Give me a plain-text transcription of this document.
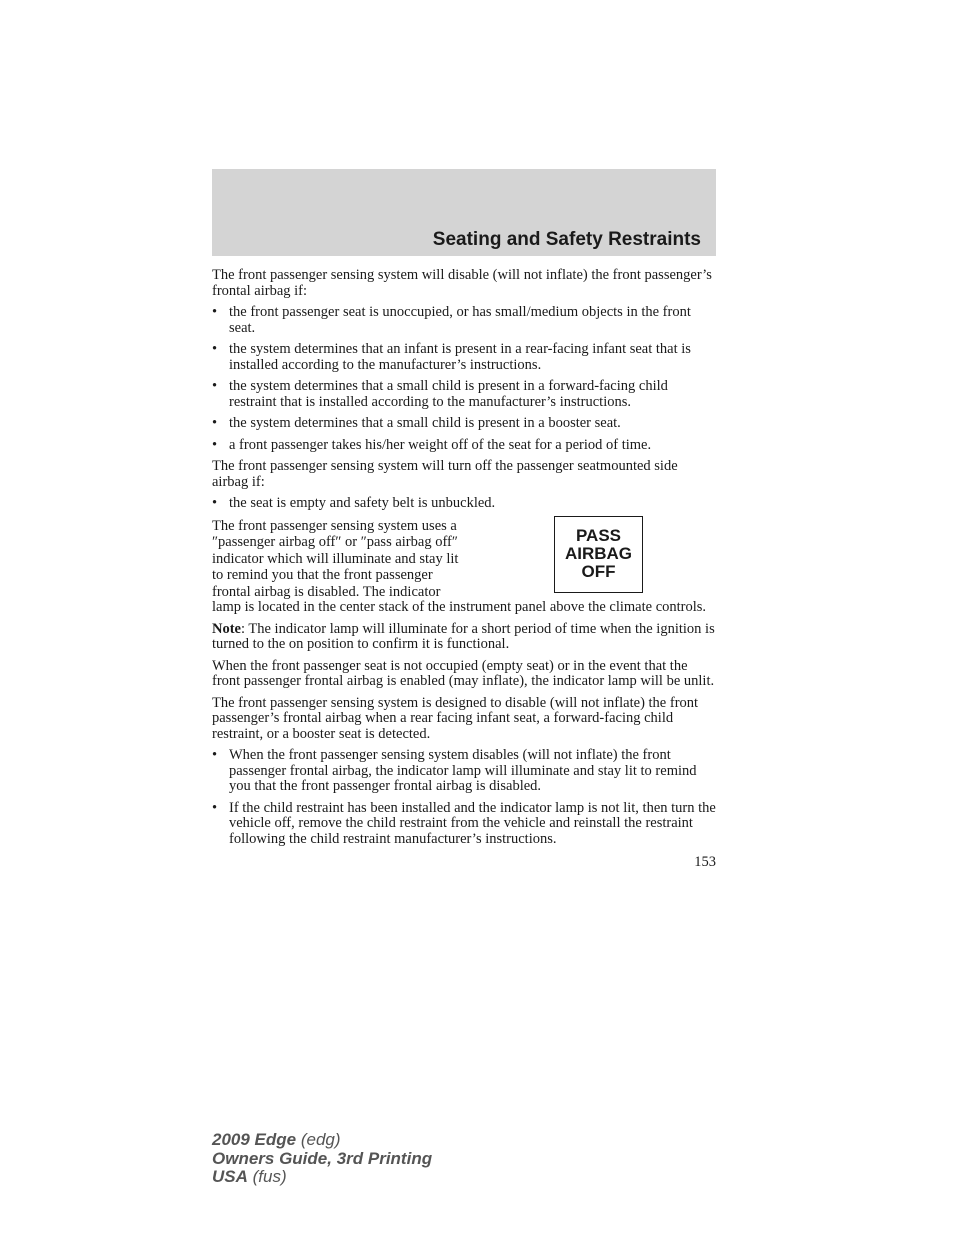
Seating and Safety Restraints

The front passenger sensing system will disable (will not inflate) the front passenger’s frontal airbag if:

• the front passenger seat is unoccupied, or has small/medium objects in the front seat.
• the system determines that an infant is present in a rear-facing infant seat that is installed according to the manufacturer’s instructions.
• the system determines that a small child is present in a forward-facing child restraint that is installed according to the manufacturer’s instructions.
• the system determines that a small child is present in a booster seat.
• a front passenger takes his/her weight off of the seat for a period of time.

The front passenger sensing system will turn off the passenger seatmounted side airbag if:

• the seat is empty and safety belt is unbuckled.
The front passenger sensing system uses a ″passenger airbag off″ or ″pass airbag off″ indicator which will illuminate and stay lit to remind you that the front passenger frontal airbag is disabled. The indicator
PASS
AIRBAG
OFF

lamp is located in the center stack of the instrument panel above the climate controls.

Note: The indicator lamp will illuminate for a short period of time when the ignition is turned to the on position to confirm it is functional.

When the front passenger seat is not occupied (empty seat) or in the event that the front passenger frontal airbag is enabled (may inflate), the indicator lamp will be unlit.

The front passenger sensing system is designed to disable (will not inflate) the front passenger’s frontal airbag when a rear facing infant seat, a forward-facing child restraint, or a booster seat is detected.

• When the front passenger sensing system disables (will not inflate) the front passenger frontal airbag, the indicator lamp will illuminate and stay lit to remind you that the front passenger frontal airbag is disabled.
• If the child restraint has been installed and the indicator lamp is not lit, then turn the vehicle off, remove the child restraint from the vehicle and reinstall the restraint following the child restraint manufacturer’s instructions.
153
2009 Edge (edg)
Owners Guide, 3rd Printing
USA (fus)
